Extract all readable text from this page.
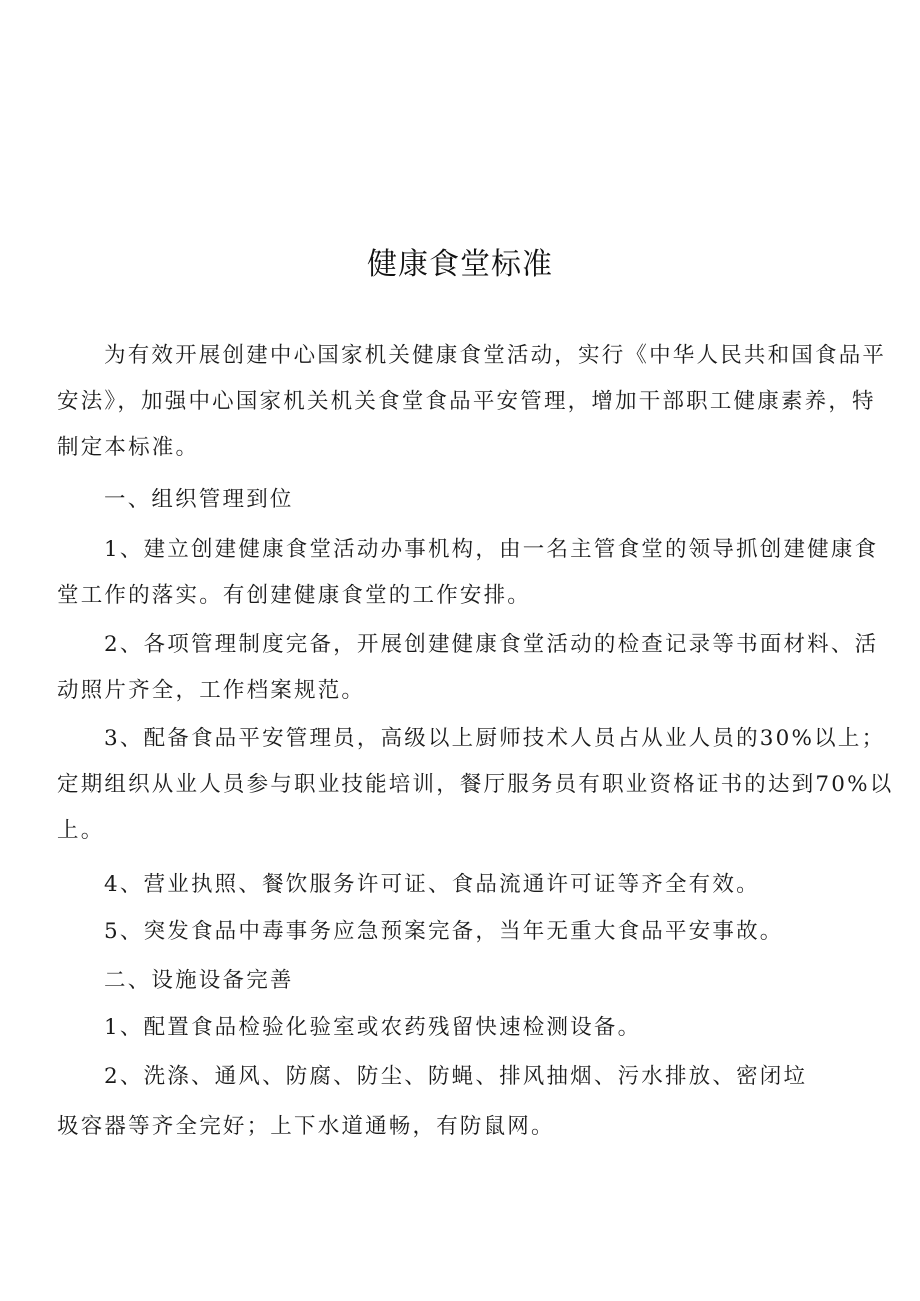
健康食堂标准
为有效开展创建中心国家机关健康食堂活动，实行《中华人民共和国食品平
安法》，加强中心国家机关机关食堂食品平安管理，增加干部职工健康素养，特
制定本标准。
一、组织管理到位
1、建立创建健康食堂活动办事机构，由一名主管食堂的领导抓创建健康食
堂工作的落实。有创建健康食堂的工作安排。
2、各项管理制度完备，开展创建健康食堂活动的检查记录等书面材料、活
动照片齐全，工作档案规范。
3、配备食品平安管理员，高级以上厨师技术人员占从业人员的30%以上；
定期组织从业人员参与职业技能培训，餐厅服务员有职业资格证书的达到70%以
上。
4、营业执照、餐饮服务许可证、食品流通许可证等齐全有效。
5、突发食品中毒事务应急预案完备，当年无重大食品平安事故。
二、设施设备完善
1、配置食品检验化验室或农药残留快速检测设备。
2、洗涤、通风、防腐、防尘、防蝇、排风抽烟、污水排放、密闭垃
圾容器等齐全完好；上下水道通畅，有防鼠网。
